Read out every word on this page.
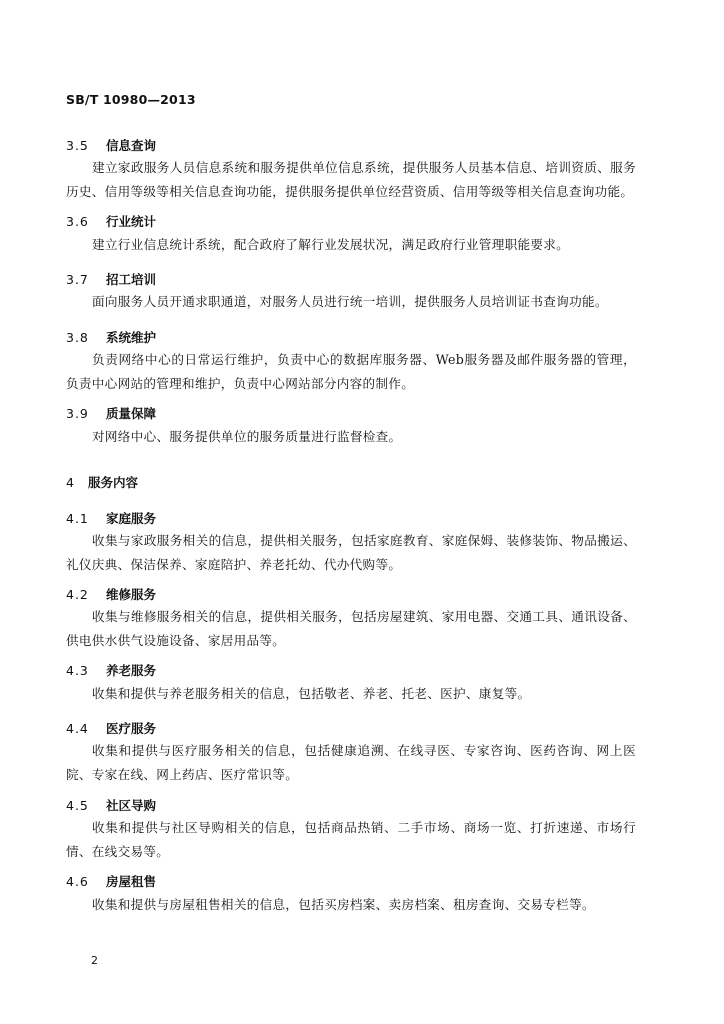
SB/T 10980—2013
3.5 信息查询
建立家政服务人员信息系统和服务提供单位信息系统，提供服务人员基本信息、培训资质、服务历史、信用等级等相关信息查询功能，提供服务提供单位经营资质、信用等级等相关信息查询功能。
3.6 行业统计
建立行业信息统计系统，配合政府了解行业发展状况，满足政府行业管理职能要求。
3.7 招工培训
面向服务人员开通求职通道，对服务人员进行统一培训，提供服务人员培训证书查询功能。
3.8 系统维护
负责网络中心的日常运行维护，负责中心的数据库服务器、Web服务器及邮件服务器的管理，负责中心网站的管理和维护，负责中心网站部分内容的制作。
3.9 质量保障
对网络中心、服务提供单位的服务质量进行监督检查。
4 服务内容
4.1 家庭服务
收集与家政服务相关的信息，提供相关服务，包括家庭教育、家庭保姆、装修装饰、物品搬运、礼仪庆典、保洁保养、家庭陪护、养老托幼、代办代购等。
4.2 维修服务
收集与维修服务相关的信息，提供相关服务，包括房屋建筑、家用电器、交通工具、通讯设备、供电供水供气设施设备、家居用品等。
4.3 养老服务
收集和提供与养老服务相关的信息，包括敬老、养老、托老、医护、康复等。
4.4 医疗服务
收集和提供与医疗服务相关的信息，包括健康追溯、在线寻医、专家咨询、医药咨询、网上医院、专家在线、网上药店、医疗常识等。
4.5 社区导购
收集和提供与社区导购相关的信息，包括商品热销、二手市场、商场一览、打折速递、市场行情、在线交易等。
4.6 房屋租售
收集和提供与房屋租售相关的信息，包括买房档案、卖房档案、租房查询、交易专栏等。
2
